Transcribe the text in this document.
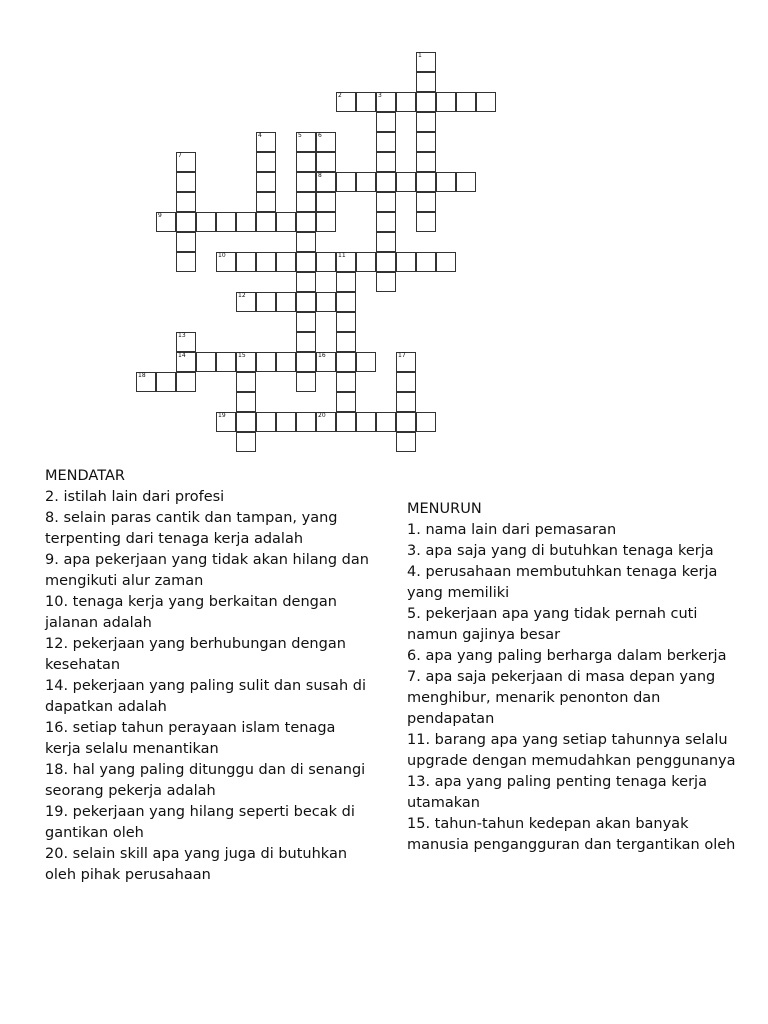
1
2	3
4	5	6
7
8
9
10	11
12
13
14	15	16	17
18
19	20
MENDATAR
2. istilah lain dari profesi
8. selain paras cantik dan tampan, yang terpenting dari tenaga kerja adalah
9. apa pekerjaan yang tidak akan hilang dan mengikuti alur zaman
10. tenaga kerja yang berkaitan dengan jalanan adalah
12. pekerjaan yang berhubungan dengan kesehatan
14. pekerjaan yang paling sulit dan susah di dapatkan adalah
16. setiap tahun perayaan islam tenaga kerja selalu menantikan
18. hal yang paling ditunggu dan di senangi seorang pekerja adalah
19. pekerjaan yang hilang seperti becak di gantikan oleh
20. selain skill apa yang juga di butuhkan oleh pihak perusahaan
MENURUN
1. nama lain dari pemasaran
3. apa saja yang di butuhkan tenaga kerja
4. perusahaan membutuhkan tenaga kerja yang memiliki
5. pekerjaan apa yang tidak pernah cuti namun gajinya besar
6. apa yang paling berharga dalam berkerja
7. apa saja pekerjaan di masa depan yang menghibur, menarik penonton dan pendapatan
11. barang apa yang setiap tahunnya selalu upgrade dengan memudahkan penggunanya
13. apa yang paling penting tenaga kerja utamakan
15. tahun-tahun kedepan akan banyak manusia pengangguran dan tergantikan oleh
